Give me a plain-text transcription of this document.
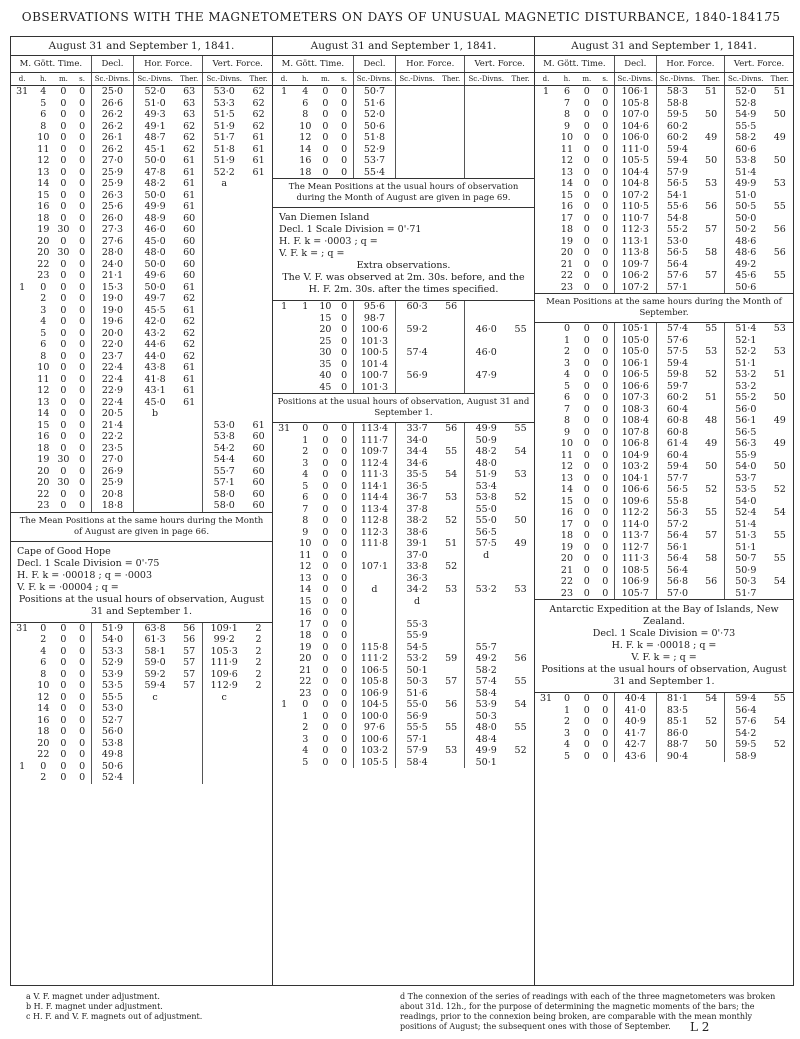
OBSERVATIONS WITH THE MAGNETOMETERS ON DAYS OF UNUSUAL MAGNETIC DISTURBANCE, 1840-1841.
75
August 31 and September 1, 1841.
M. Gött. Time.				Decl.	Hor. Force.		Vert. Force.	
d.	h.	m.	s.	Sc.-Divns.	Sc.-Divns.	Ther.	Sc.-Divns.	Ther.
31	4	0	0	25·0	52·0	63	53·0	62
	5	0	0	26·6	51·0	63	53·3	62
	6	0	0	26·2	49·3	63	51·5	62
	8	0	0	26·2	49·1	62	51·9	62
	10	0	0	26·1	48·7	62	51·7	61
	11	0	0	26·2	45·1	62	51·8	61
	12	0	0	27·0	50·0	61	51·9	61
	13	0	0	25·9	47·8	61	52·2	61
	14	0	0	25·9	48·2	61	a	
	15	0	0	26·3	50·0	61		
	16	0	0	25·6	49·9	61		
	18	0	0	26·0	48·9	60		
	19	30	0	27·3	46·0	60		
	20	0	0	27·6	45·0	60		
	20	30	0	28·0	48·0	60		
	22	0	0	24·0	50·0	60		
	23	0	0	21·1	49·6	60		
1	0	0	0	15·3	50·0	61		
	2	0	0	19·0	49·7	62		
	3	0	0	19·0	45·5	61		
	4	0	0	19·6	42·0	62		
	5	0	0	20·0	43·2	62		
	6	0	0	22·0	44·6	62		
	8	0	0	23·7	44·0	62		
	10	0	0	22·4	43·8	61		
	11	0	0	22·4	41·8	61		
	12	0	0	22·9	43·1	61		
	13	0	0	22·4	45·0	61		
	14	0	0	20·5	b			
	15	0	0	21·4			53·0	61
	16	0	0	22·2			53·8	60
	18	0	0	23·5			54·2	60
	19	30	0	27·0			54·4	60
	20	0	0	26·9			55·7	60
	20	30	0	25·9			57·1	60
	22	0	0	20·8			58·0	60
	23	0	0	18·8			58·0	60
The Mean Positions at the same hours during the Month of August are given in page 66.
Cape of Good Hope
Decl. 1 Scale Division = 0'·75
H. F. k = ·00018 ; q = ·0003
V. F. k = ·00004 ; q =
Positions at the usual hours of observation, August 31 and September 1.
31	0	0	0	51·9	63·8	56	109·1	2
	2	0	0	54·0	61·3	56	99·2	2
	4	0	0	53·3	58·1	57	105·3	2
	6	0	0	52·9	59·0	57	111·9	2
	8	0	0	53·9	59·2	57	109·6	2
	10	0	0	53·5	59·4	57	112·9	2
	12	0	0	55·5	c		c	
	14	0	0	53·0				
	16	0	0	52·7				
	18	0	0	56·0				
	20	0	0	53·8				
	22	0	0	49·8				
1	0	0	0	50·6				
	2	0	0	52·4				
August 31 and September 1, 1841.
M. Gött. Time.				Decl.	Hor. Force.		Vert. Force.	
d.	h.	m.	s.	Sc.-Divns.	Sc.-Divns.	Ther.	Sc.-Divns.	Ther.
1	4	0	0	50·7				
	6	0	0	51·6				
	8	0	0	52·0				
	10	0	0	50·6				
	12	0	0	51·8				
	14	0	0	52·9				
	16	0	0	53·7				
	18	0	0	55·4				
The Mean Positions at the usual hours of observation during the Month of August are given in page 69.
Van Diemen Island
Decl. 1 Scale Division = 0'·71
H. F. k = ·0003 ; q =
V. F. k = ; q =
Extra observations.
The V. F. was observed at 2m. 30s. before, and the H. F. 2m. 30s. after the times specified.
1	1	10	0	95·6	60·3	56		
		15	0	98·7				
		20	0	100·6	59·2		46·0	55
		25	0	101·3				
		30	0	100·5	57·4		46·0	
		35	0	101·4				
		40	0	100·7	56·9		47·9	
		45	0	101·3				
Positions at the usual hours of observation, August 31 and September 1.
31	0	0	0	113·4	33·7	56	49·9	55
	1	0	0	111·7	34·0		50·9	
	2	0	0	109·7	34·4	55	48·2	54
	3	0	0	112·4	34·6		48·0	
	4	0	0	111·3	35·5	54	51·9	53
	5	0	0	114·1	36·5		53·4	
	6	0	0	114·4	36·7	53	53·8	52
	7	0	0	113·4	37·8		55·0	
	8	0	0	112·8	38·2	52	55·0	50
	9	0	0	112·3	38·6		56·5	
	10	0	0	111·8	39·1	51	57·5	49
	11	0	0		37·0		d	
	12	0	0	107·1	33·8	52		
	13	0	0		36·3			
	14	0	0	d	34·2	53	53·2	53
	15	0	0		d			
	16	0	0					
	17	0	0		55·3			
	18	0	0		55·9			
	19	0	0	115·8	54·5		55·7	
	20	0	0	111·2	53·2	59	49·2	56
	21	0	0	106·5	50·1		58·2	
	22	0	0	105·8	50·3	57	57·4	55
	23	0	0	106·9	51·6		58·4	
1	0	0	0	104·5	55·0	56	53·9	54
	1	0	0	100·0	56·9		50·3	
	2	0	0	97·6	55·5	55	48·0	55
	3	0	0	100·6	57·1		48·4	
	4	0	0	103·2	57·9	53	49·9	52
	5	0	0	105·5	58·4		50·1	
August 31 and September 1, 1841.
M. Gött. Time.				Decl.	Hor. Force.		Vert. Force.	
d.	h.	m.	s.	Sc.-Divns.	Sc.-Divns.	Ther.	Sc.-Divns.	Ther.
1	6	0	0	106·1	58·3	51	52·0	51
	7	0	0	105·8	58·8		52·8	
	8	0	0	107·0	59·5	50	54·9	50
	9	0	0	104·6	60·2		55·5	
	10	0	0	106·0	60·2	49	58·2	49
	11	0	0	111·0	59·4		60·6	
	12	0	0	105·5	59·4	50	53·8	50
	13	0	0	104·4	57·9		51·4	
	14	0	0	104·8	56·5	53	49·9	53
	15	0	0	107·2	54·1		51·0	
	16	0	0	110·5	55·6	56	50·5	55
	17	0	0	110·7	54·8		50·0	
	18	0	0	112·3	55·2	57	50·2	56
	19	0	0	113·1	53·0		48·6	
	20	0	0	113·8	56·5	58	48·6	56
	21	0	0	109·7	56·4		49·2	
	22	0	0	106·2	57·6	57	45·6	55
	23	0	0	107·2	57·1		50·6	
Mean Positions at the same hours during the Month of September.
	0	0	0	105·1	57·4	55	51·4	53
	1	0	0	105·0	57·6		52·1	
	2	0	0	105·0	57·5	53	52·2	53
	3	0	0	106·1	59·4		51·1	
	4	0	0	106·5	59·8	52	53·2	51
	5	0	0	106·6	59·7		53·2	
	6	0	0	107·3	60·2	51	55·2	50
	7	0	0	108·3	60·4		56·0	
	8	0	0	108·4	60·8	48	56·1	49
	9	0	0	107·8	60·8		56·5	
	10	0	0	106·8	61·4	49	56·3	49
	11	0	0	104·9	60·4		55·9	
	12	0	0	103·2	59·4	50	54·0	50
	13	0	0	104·1	57·7		53·7	
	14	0	0	106·6	56·5	52	53·5	52
	15	0	0	109·6	55·8		54·0	
	16	0	0	112·2	56·3	55	52·4	54
	17	0	0	114·0	57·2		51·4	
	18	0	0	113·7	56·4	57	51·3	55
	19	0	0	112·7	56·1		51·1	
	20	0	0	111·3	56·4	58	50·7	55
	21	0	0	108·5	56·4		50·9	
	22	0	0	106·9	56·8	56	50·3	54
	23	0	0	105·7	57·0		51·7	
Antarctic Expedition at the Bay of Islands, New Zealand.
Decl. 1 Scale Division = 0'·73
H. F. k = ·00018 ; q =
V. F. k = ; q =
Positions at the usual hours of observation, August 31 and September 1.
31	0	0	0	40·4	81·1	54	59·4	55
	1	0	0	41·0	83·5		56·4	
	2	0	0	40·9	85·1	52	57·6	54
	3	0	0	41·7	86·0		54·2	
	4	0	0	42·7	88·7	50	59·5	52
	5	0	0	43·6	90·4		58·9	
a V. F. magnet under adjustment.
b H. F. magnet under adjustment.
c H. F. and V. F. magnets out of adjustment.
d The connexion of the series of readings with each of the three magnetometers was broken about 31d. 12h., for the purpose of determining the magnetic moments of the bars; the readings, prior to the connexion being broken, are comparable with the mean monthly positions of August; the subsequent ones with those of September.	L 2
